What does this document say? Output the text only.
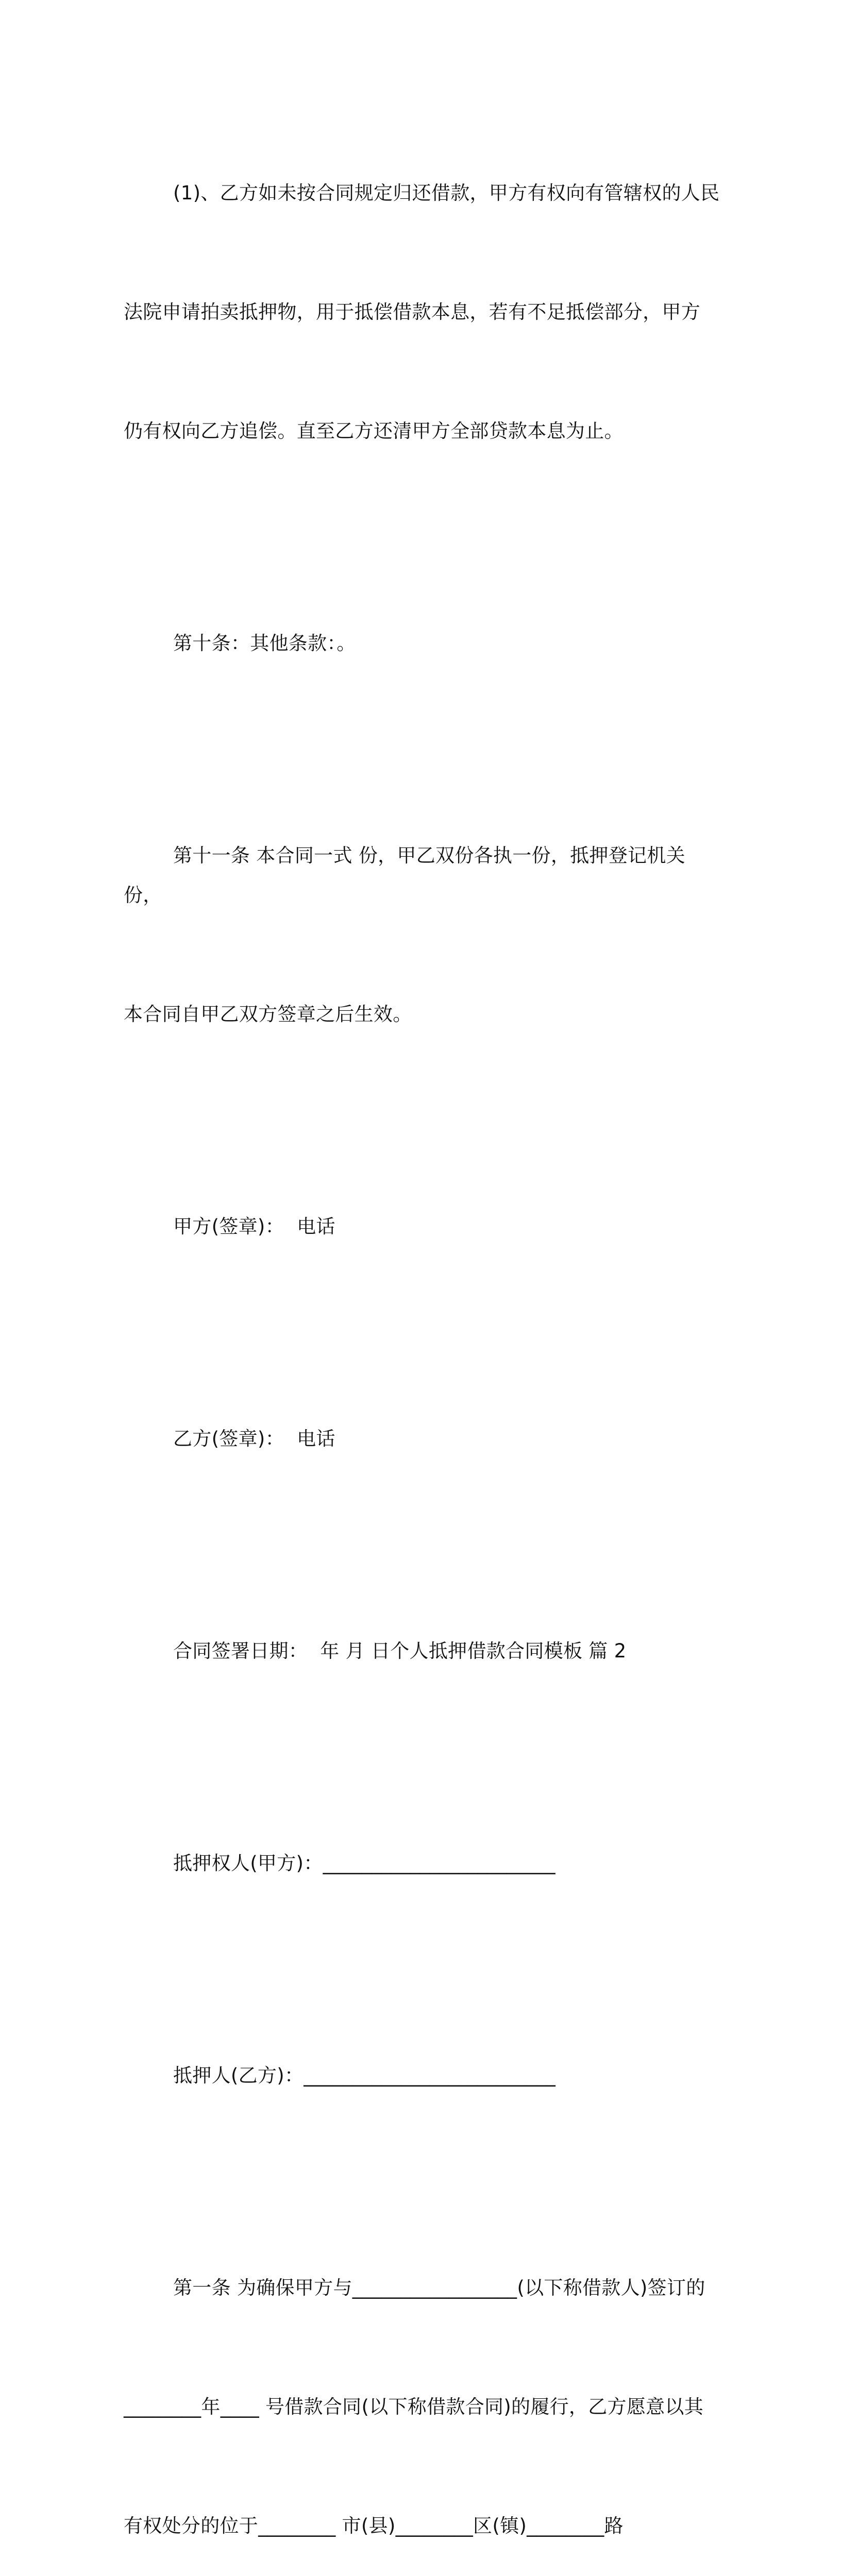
(1)、乙方如未按合同规定归还借款，甲方有权向有管辖权的人民

法院申请拍卖抵押物，用于抵偿借款本息，若有不足抵偿部分，甲方

仍有权向乙方追偿。直至乙方还清甲方全部贷款本息为止。

第十条：其他条款：。

第十一条 本合同一式 份，甲乙双份各执一份，抵押登记机关 份，

本合同自甲乙双方签章之后生效。

甲方(签章)：  电话

乙方(签章)：  电话

合同签署日期：  年 月 日个人抵押借款合同模板 篇 2

抵押权人(甲方)：________________________

抵押人(乙方)：__________________________

第一条 为确保甲方与_________________(以下称借款人)签订的

________年____ 号借款合同(以下称借款合同)的履行，乙方愿意以其

有权处分的位于________ 市(县)________区(镇)________路
